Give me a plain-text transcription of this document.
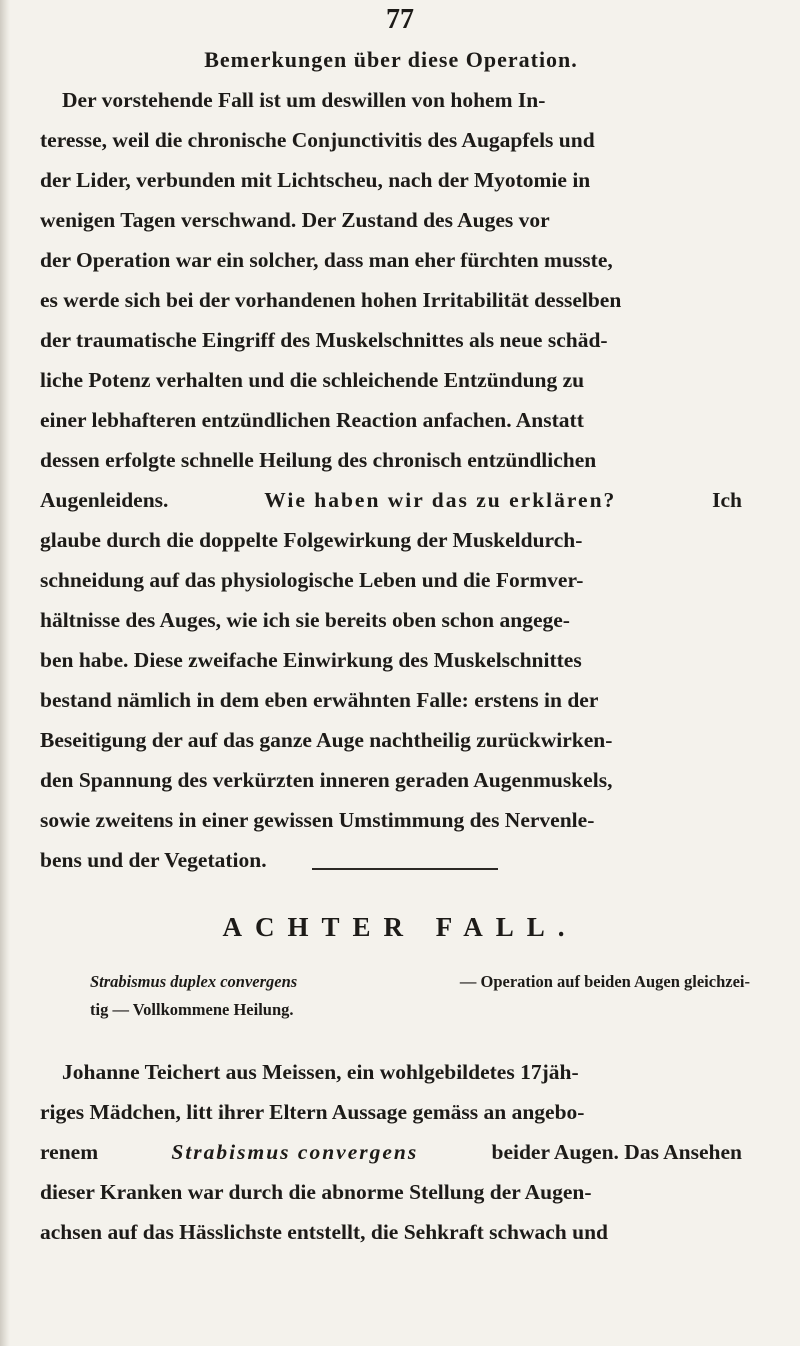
77
Bemerkungen über diese Operation.
Der vorstehende Fall ist um deswillen von hohem In-
teresse, weil die chronische Conjunctivitis des Augapfels und
der Lider, verbunden mit Lichtscheu, nach der Myotomie in
wenigen Tagen verschwand. Der Zustand des Auges vor
der Operation war ein solcher, dass man eher fürchten musste,
es werde sich bei der vorhandenen hohen Irritabilität desselben
der traumatische Eingriff des Muskelschnittes als neue schäd-
liche Potenz verhalten und die schleichende Entzündung zu
einer lebhafteren entzündlichen Reaction anfachen. Anstatt
dessen erfolgte schnelle Heilung des chronisch entzündlichen
Augenleidens.	Wie haben wir das zu erklären?	Ich
glaube durch die doppelte Folgewirkung der Muskeldurch-
schneidung auf das physiologische Leben und die Formver-
hältnisse des Auges, wie ich sie bereits oben schon angege-
ben habe. Diese zweifache Einwirkung des Muskelschnittes
bestand nämlich in dem eben erwähnten Falle: erstens in der
Beseitigung der auf das ganze Auge nachtheilig zurückwirken-
den Spannung des verkürzten inneren geraden Augenmuskels,
sowie zweitens in einer gewissen Umstimmung des Nervenle-
bens und der Vegetation.
ACHTER FALL.
Strabismus duplex convergens	— Operation auf beiden Augen gleichzei-
tig — Vollkommene Heilung.
Johanne Teichert aus Meissen, ein wohlgebildetes 17jäh-
riges Mädchen, litt ihrer Eltern Aussage gemäss an angebo-
renem	Strabismus convergens	beider Augen. Das Ansehen
dieser Kranken war durch die abnorme Stellung der Augen-
achsen auf das Hässlichste entstellt, die Sehkraft schwach und
